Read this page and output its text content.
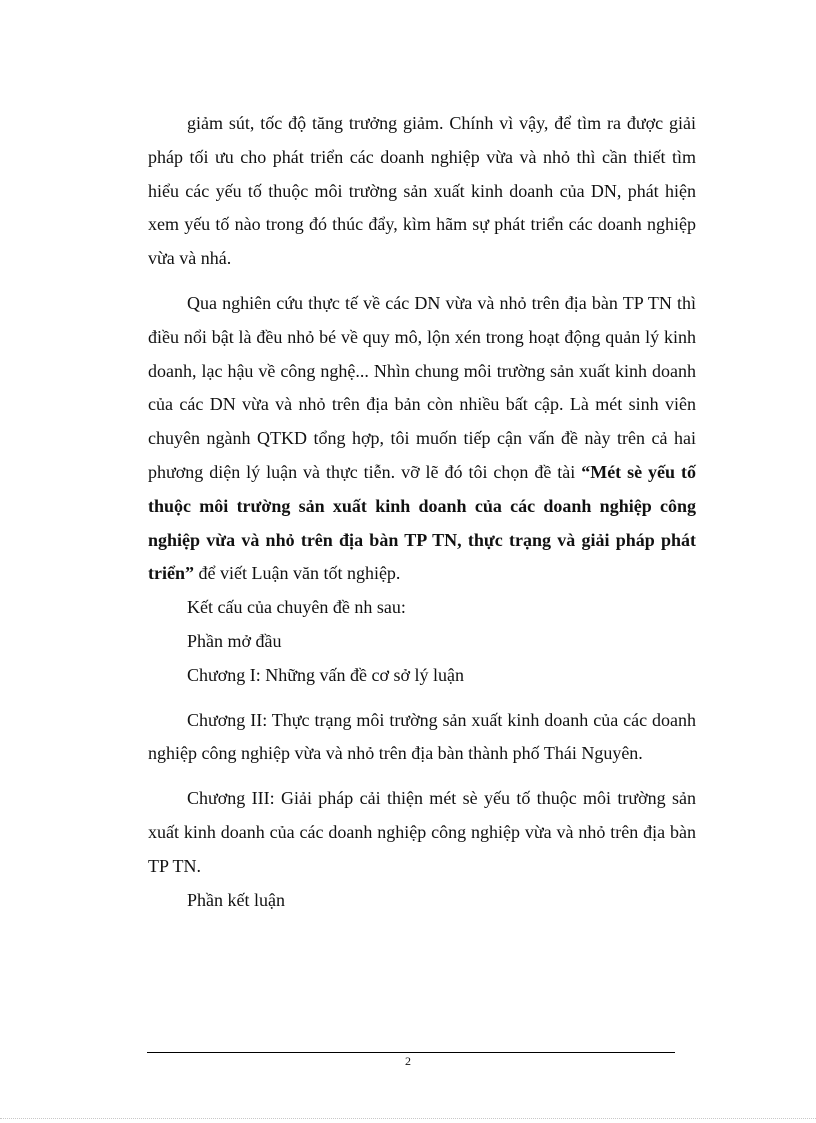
giảm sút, tốc độ tăng trưởng giảm. Chính vì vậy, để tìm ra được giải pháp tối ưu cho phát triển các doanh nghiệp vừa và nhỏ thì cần thiết tìm hiểu các yếu tố thuộc môi trường sản xuất kinh doanh của DN, phát hiện xem yếu tố nào trong đó thúc đẩy, kìm hãm sự phát triển các doanh nghiệp vừa và nhá.

Qua nghiên cứu thực tế về các DN vừa và nhỏ trên địa bàn TP TN thì điều nổi bật là đều nhỏ bé về quy mô, lộn xén trong hoạt động quản lý kinh doanh, lạc hậu về công nghệ... Nhìn chung môi trường sản xuất kinh doanh của các DN vừa và nhỏ trên địa bản còn nhiều bất cập. Là mét sinh viên chuyên ngành QTKD tổng hợp, tôi muốn tiếp cận vấn đề này trên cả hai phương diện lý luận và thực tiễn. vỡ lẽ đó tôi chọn đề tài “Mét sè yếu tố thuộc môi trường sản xuất kinh doanh của các doanh nghiệp công nghiệp vừa và nhỏ trên địa bàn TP TN, thực trạng và giải pháp phát triển” để viết Luận văn tốt nghiệp.

Kết cấu của chuyên đề nh sau:

Phần mở đầu

Chương I: Những vấn đề cơ sở lý luận

Chương II: Thực trạng môi trường sản xuất kinh doanh của các doanh nghiệp công nghiệp vừa và nhỏ trên địa bàn thành phố Thái Nguyên.

Chương III: Giải pháp cải thiện mét sè yếu tố thuộc môi trường sản xuất kinh doanh của các doanh nghiệp công nghiệp vừa và nhỏ trên địa bàn TP TN.

Phần kết luận

2
